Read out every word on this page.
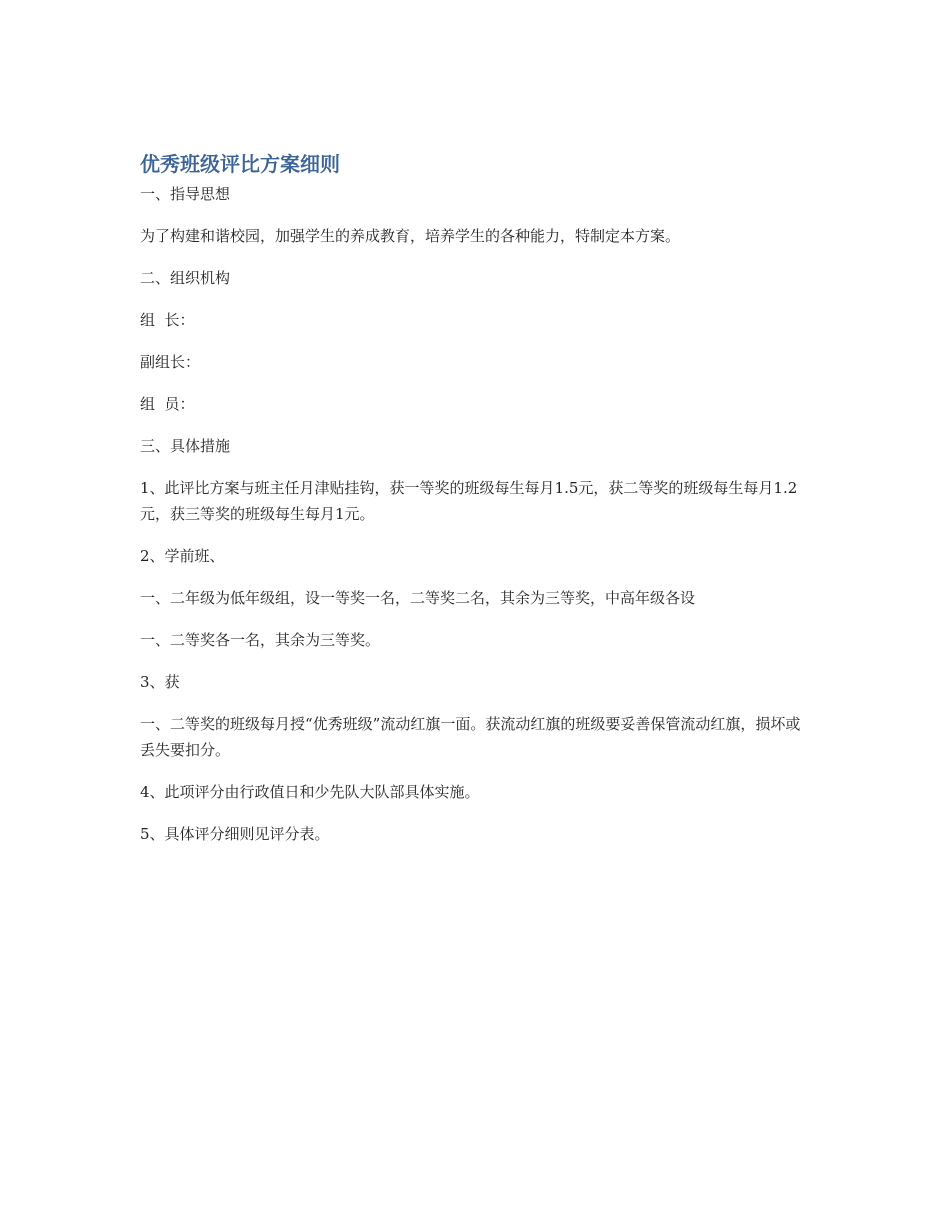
优秀班级评比方案细则

一、指导思想

为了构建和谐校园，加强学生的养成教育，培养学生的各种能力，特制定本方案。

二、组织机构

组  长：

副组长：

组  员：

三、具体措施

1、此评比方案与班主任月津贴挂钩，获一等奖的班级每生每月1.5元，获二等奖的班级每生每月1.2元，获三等奖的班级每生每月1元。

2、学前班、

一、二年级为低年级组，设一等奖一名，二等奖二名，其余为三等奖，中高年级各设

一、二等奖各一名，其余为三等奖。

3、获

一、二等奖的班级每月授“优秀班级”流动红旗一面。获流动红旗的班级要妥善保管流动红旗，损坏或丢失要扣分。

4、此项评分由行政值日和少先队大队部具体实施。

5、具体评分细则见评分表。
